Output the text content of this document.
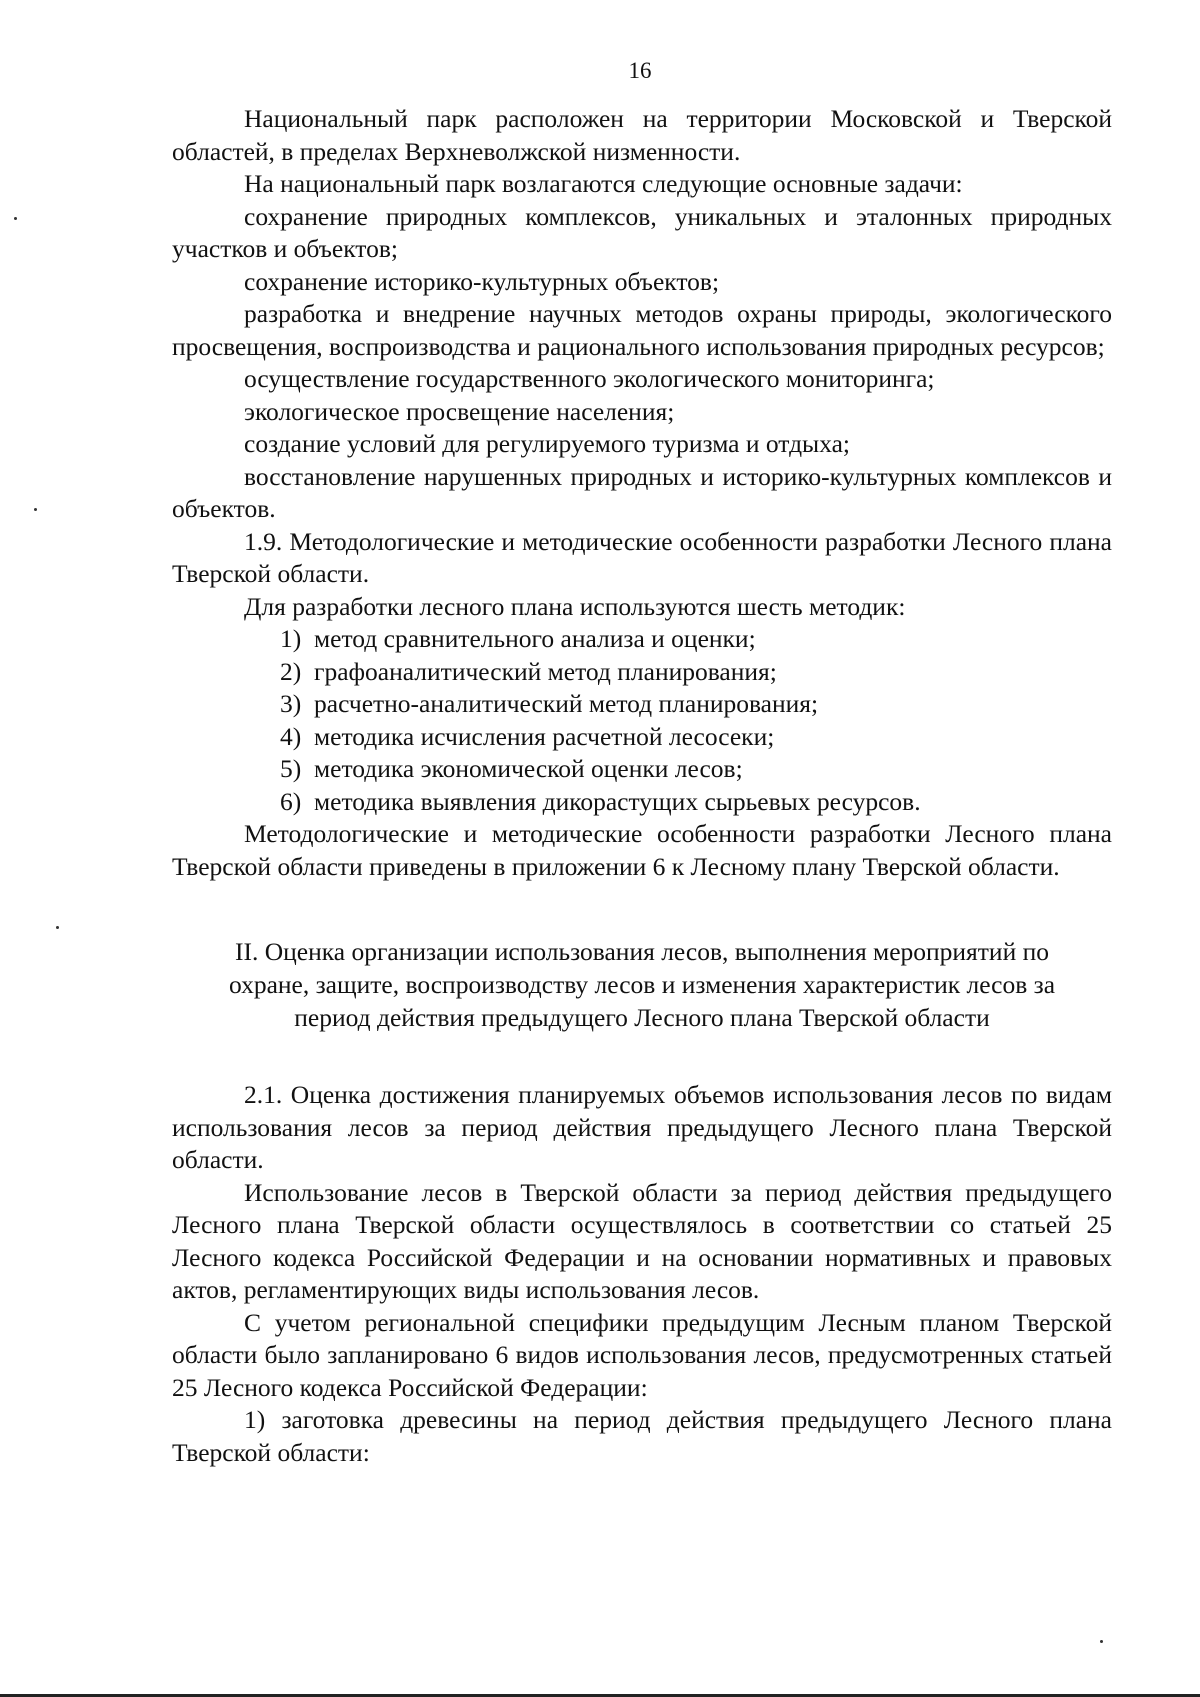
16

Национальный парк расположен на территории Московской и Тверской областей, в пределах Верхневолжской низменности.

На национальный парк возлагаются следующие основные задачи:

сохранение природных комплексов, уникальных и эталонных природных участков и объектов;

сохранение историко-культурных объектов;

разработка и внедрение научных методов охраны природы, экологического просвещения, воспроизводства и рационального использования природных ресурсов;

осуществление государственного экологического мониторинга;

экологическое просвещение населения;

создание условий для регулируемого туризма и отдыха;

восстановление нарушенных природных и историко-культурных комплексов и объектов.

1.9. Методологические и методические особенности разработки Лесного плана Тверской области.

Для разработки лесного плана используются шесть методик:

1) метод сравнительного анализа и оценки;
2) графоаналитический метод планирования;
3) расчетно-аналитический метод планирования;
4) методика исчисления расчетной лесосеки;
5) методика экономической оценки лесов;
6) методика выявления дикорастущих сырьевых ресурсов.

Методологические и методические особенности разработки Лесного плана Тверской области приведены в приложении 6 к Лесному плану Тверской области.

II. Оценка организации использования лесов, выполнения мероприятий по

охране, защите, воспроизводству лесов и изменения характеристик лесов за

период действия предыдущего Лесного плана Тверской области

2.1. Оценка достижения планируемых объемов использования лесов по видам использования лесов за период действия предыдущего Лесного плана Тверской области.

Использование лесов в Тверской области за период действия предыдущего Лесного плана Тверской области осуществлялось в соответствии со статьей 25 Лесного кодекса Российской Федерации и на основании нормативных и правовых актов, регламентирующих виды использования лесов.

С учетом региональной специфики предыдущим Лесным планом Тверской области было запланировано 6 видов использования лесов, предусмотренных статьей 25 Лесного кодекса Российской Федерации:

1) заготовка древесины на период действия предыдущего Лесного плана Тверской области:
